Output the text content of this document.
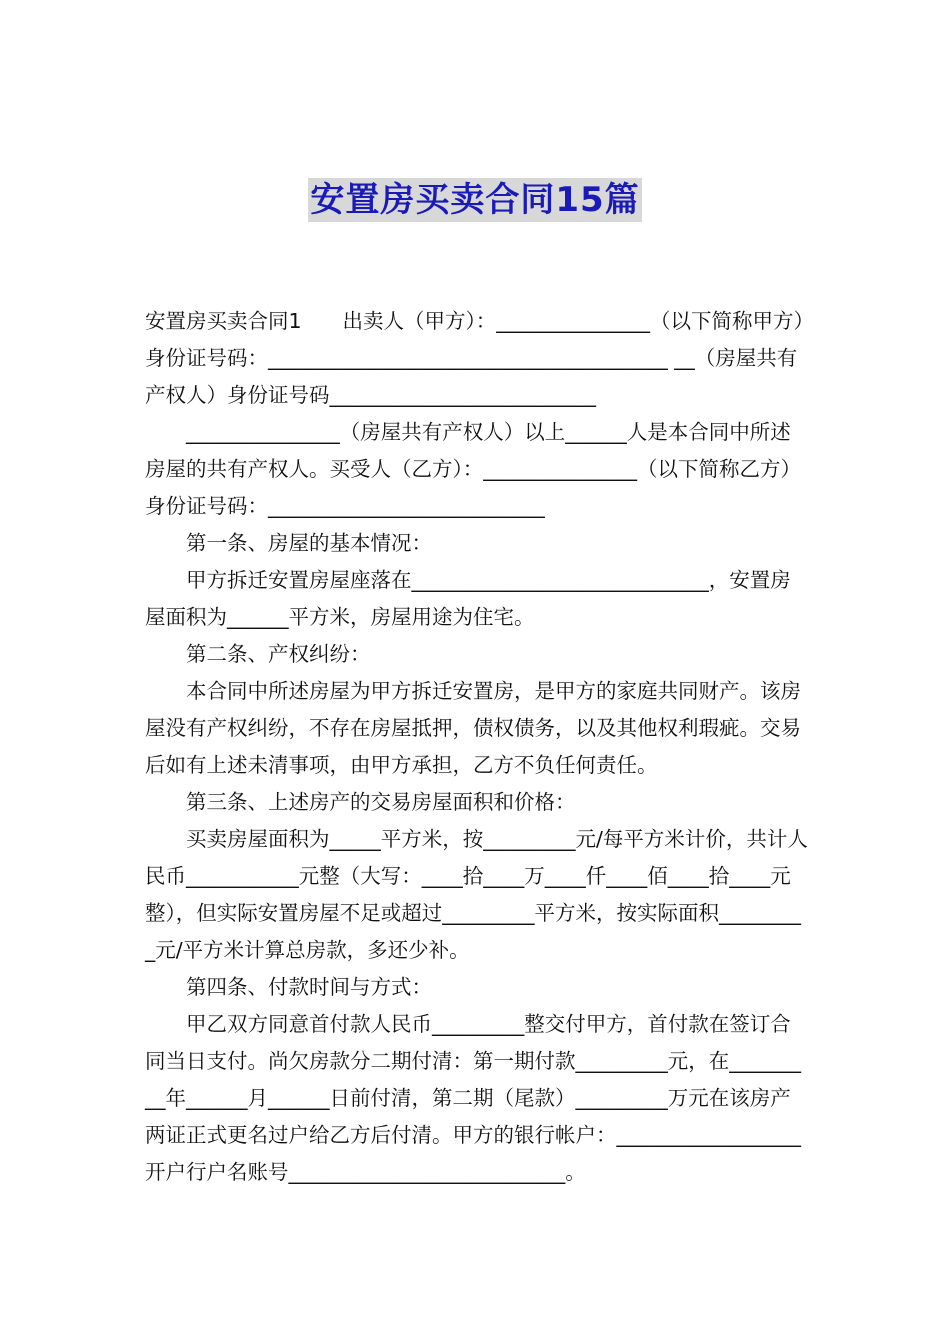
安置房买卖合同15篇

安置房买卖合同1　　出卖人（甲方）：_______________（以下简称甲方）身份证号码：_______________________________________ __（房屋共有产权人）身份证号码__________________________

_______________（房屋共有产权人）以上______人是本合同中所述房屋的共有产权人。买受人（乙方）：_______________（以下简称乙方）身份证号码：___________________________

第一条、房屋的基本情况：

甲方拆迁安置房屋座落在_____________________________，安置房屋面积为______平方米，房屋用途为住宅。

第二条、产权纠纷：

本合同中所述房屋为甲方拆迁安置房，是甲方的家庭共同财产。该房屋没有产权纠纷，不存在房屋抵押，债权债务，以及其他权利瑕疵。交易后如有上述未清事项，由甲方承担，乙方不负任何责任。

第三条、上述房产的交易房屋面积和价格：

买卖房屋面积为_____平方米，按_________元/每平方米计价，共计人民币___________元整（大写：____拾____万____仟____佰____拾____元整），但实际安置房屋不足或超过_________平方米，按实际面积_________元/平方米计算总房款，多还少补。

第四条、付款时间与方式：

甲乙双方同意首付款人民币_________整交付甲方，首付款在签订合同当日支付。尚欠房款分二期付清：第一期付款_________元，在_________年______月______日前付清，第二期（尾款）_________万元在该房产两证正式更名过户给乙方后付清。甲方的银行帐户：__________________开户行户名账号___________________________。
